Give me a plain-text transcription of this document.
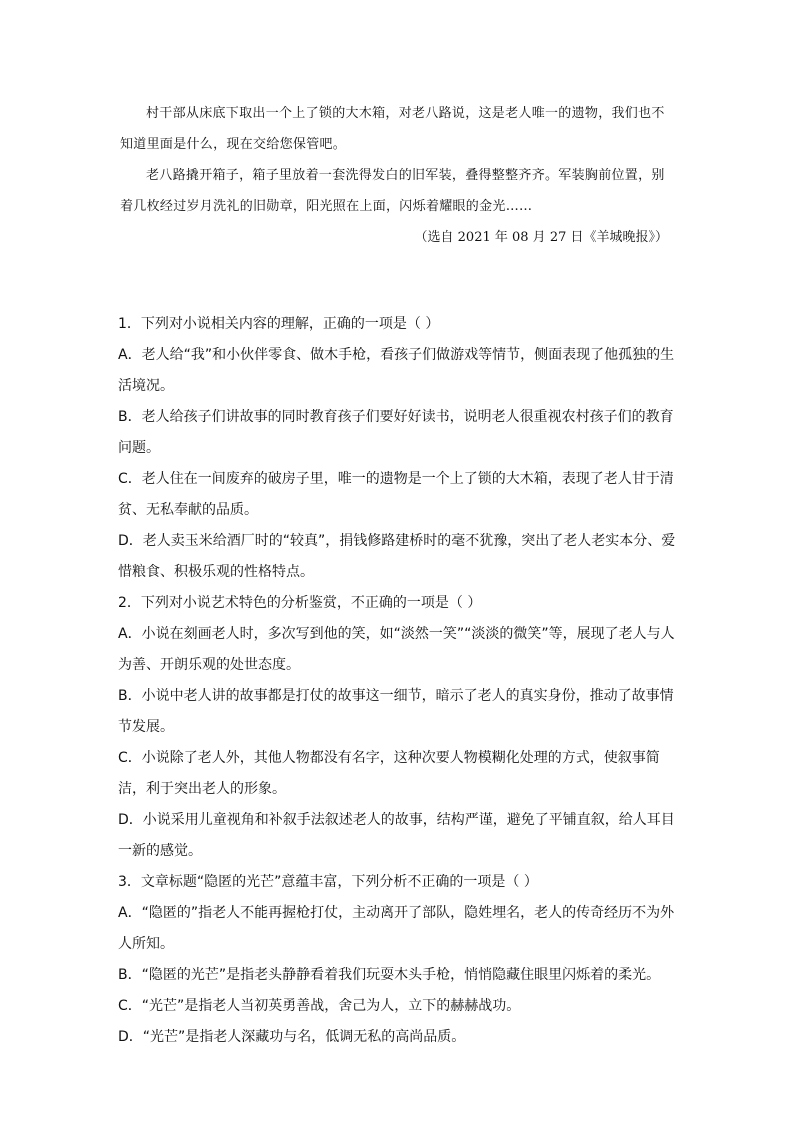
村干部从床底下取出一个上了锁的大木箱，对老八路说，这是老人唯一的遗物，我们也不知道里面是什么，现在交给您保管吧。

老八路撬开箱子，箱子里放着一套洗得发白的旧军装，叠得整整齐齐。军装胸前位置，别着几枚经过岁月洗礼的旧勋章，阳光照在上面，闪烁着耀眼的金光……

（选自 2021 年 08 月 27 日《羊城晚报》）

1．下列对小说相关内容的理解，正确的一项是（ ）

A．老人给“我”和小伙伴零食、做木手枪，看孩子们做游戏等情节，侧面表现了他孤独的生活境况。

B．老人给孩子们讲故事的同时教育孩子们要好好读书，说明老人很重视农村孩子们的教育问题。

C．老人住在一间废弃的破房子里，唯一的遗物是一个上了锁的大木箱，表现了老人甘于清贫、无私奉献的品质。

D．老人卖玉米给酒厂时的“较真”，捐钱修路建桥时的毫不犹豫，突出了老人老实本分、爱惜粮食、积极乐观的性格特点。

2．下列对小说艺术特色的分析鉴赏，不正确的一项是（ ）

A．小说在刻画老人时，多次写到他的笑，如“淡然一笑”“淡淡的微笑”等，展现了老人与人为善、开朗乐观的处世态度。

B．小说中老人讲的故事都是打仗的故事这一细节，暗示了老人的真实身份，推动了故事情节发展。

C．小说除了老人外，其他人物都没有名字，这种次要人物模糊化处理的方式，使叙事简洁，利于突出老人的形象。

D．小说采用儿童视角和补叙手法叙述老人的故事，结构严谨，避免了平铺直叙，给人耳目一新的感觉。

3．文章标题“隐匿的光芒”意蕴丰富，下列分析不正确的一项是（ ）

A．“隐匿的”指老人不能再握枪打仗，主动离开了部队，隐姓埋名，老人的传奇经历不为外人所知。

B．“隐匿的光芒”是指老头静静看着我们玩耍木头手枪，悄悄隐藏住眼里闪烁着的柔光。

C．“光芒”是指老人当初英勇善战，舍己为人，立下的赫赫战功。

D．“光芒”是指老人深藏功与名，低调无私的高尚品质。
